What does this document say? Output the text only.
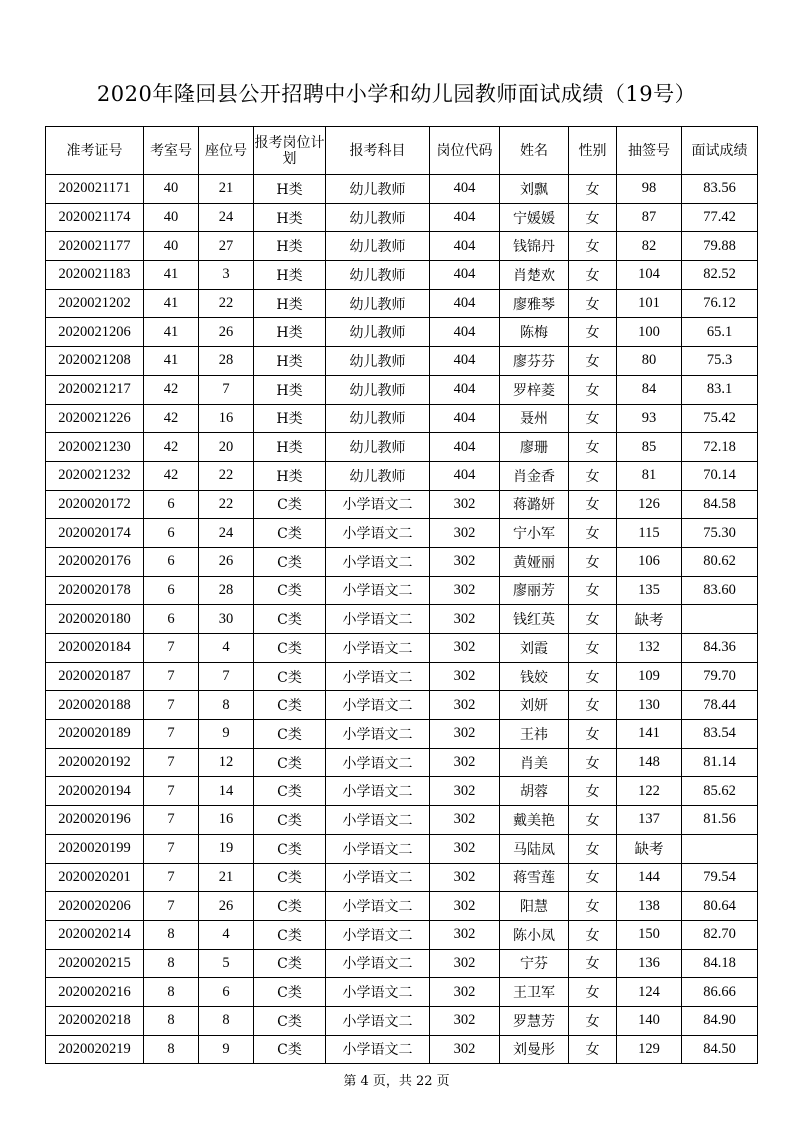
2020年隆回县公开招聘中小学和幼儿园教师面试成绩（19号）
准考证号	考室号	座位号	报考岗位计划	报考科目	岗位代码	姓名	性别	抽签号	面试成绩
2020021171	40	21	H类	幼儿教师	404	刘飘	女	98	83.56
2020021174	40	24	H类	幼儿教师	404	宁媛媛	女	87	77.42
2020021177	40	27	H类	幼儿教师	404	钱锦丹	女	82	79.88
2020021183	41	3	H类	幼儿教师	404	肖楚欢	女	104	82.52
2020021202	41	22	H类	幼儿教师	404	廖雅琴	女	101	76.12
2020021206	41	26	H类	幼儿教师	404	陈梅	女	100	65.1
2020021208	41	28	H类	幼儿教师	404	廖芬芬	女	80	75.3
2020021217	42	7	H类	幼儿教师	404	罗梓菱	女	84	83.1
2020021226	42	16	H类	幼儿教师	404	聂州	女	93	75.42
2020021230	42	20	H类	幼儿教师	404	廖珊	女	85	72.18
2020021232	42	22	H类	幼儿教师	404	肖金香	女	81	70.14
2020020172	6	22	C类	小学语文二	302	蒋潞妍	女	126	84.58
2020020174	6	24	C类	小学语文二	302	宁小军	女	115	75.30
2020020176	6	26	C类	小学语文二	302	黄娅丽	女	106	80.62
2020020178	6	28	C类	小学语文二	302	廖丽芳	女	135	83.60
2020020180	6	30	C类	小学语文二	302	钱红英	女	缺考	
2020020184	7	4	C类	小学语文二	302	刘霞	女	132	84.36
2020020187	7	7	C类	小学语文二	302	钱姣	女	109	79.70
2020020188	7	8	C类	小学语文二	302	刘妍	女	130	78.44
2020020189	7	9	C类	小学语文二	302	王祎	女	141	83.54
2020020192	7	12	C类	小学语文二	302	肖美	女	148	81.14
2020020194	7	14	C类	小学语文二	302	胡蓉	女	122	85.62
2020020196	7	16	C类	小学语文二	302	戴美艳	女	137	81.56
2020020199	7	19	C类	小学语文二	302	马陆凤	女	缺考	
2020020201	7	21	C类	小学语文二	302	蒋雪莲	女	144	79.54
2020020206	7	26	C类	小学语文二	302	阳慧	女	138	80.64
2020020214	8	4	C类	小学语文二	302	陈小凤	女	150	82.70
2020020215	8	5	C类	小学语文二	302	宁芬	女	136	84.18
2020020216	8	6	C类	小学语文二	302	王卫军	女	124	86.66
2020020218	8	8	C类	小学语文二	302	罗慧芳	女	140	84.90
2020020219	8	9	C类	小学语文二	302	刘曼彤	女	129	84.50
第 4 页，共 22 页
